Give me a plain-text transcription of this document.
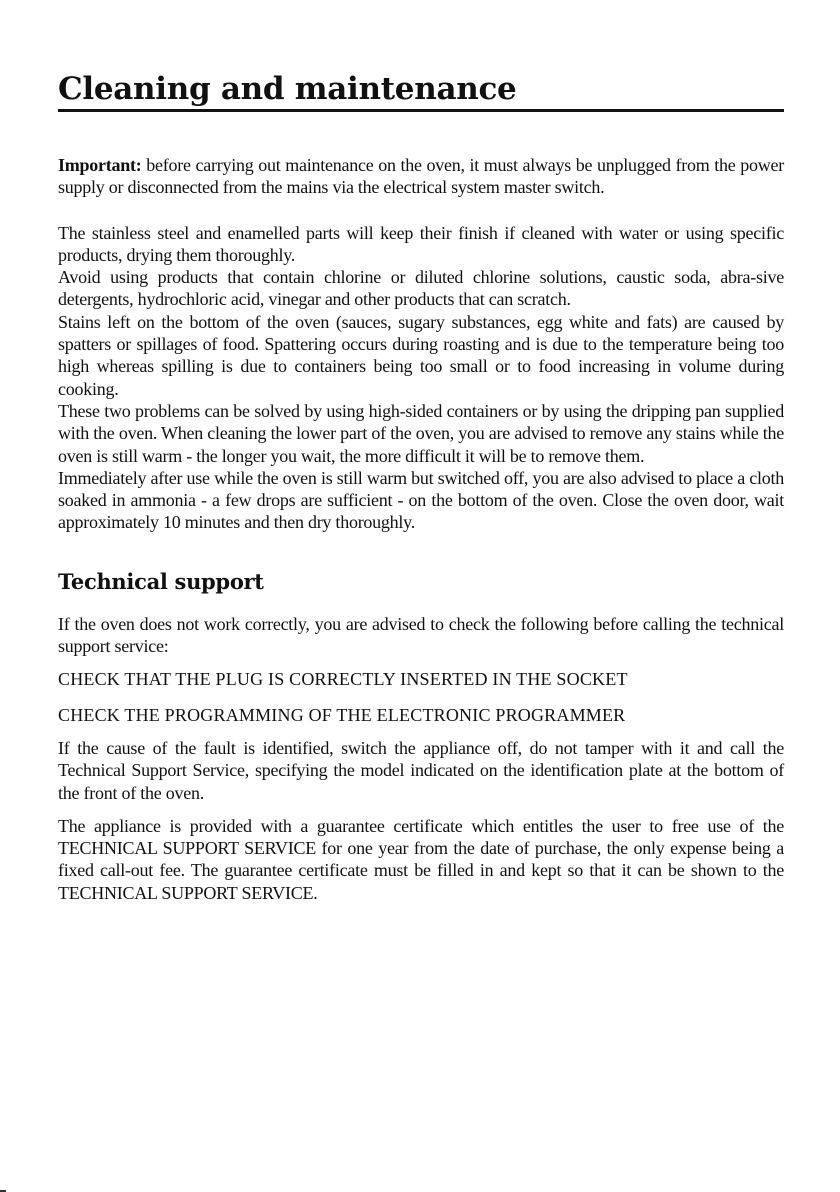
Cleaning and maintenance

Important: before carrying out maintenance on the oven, it must always be unplugged from the power supply or disconnected from the mains via the electrical system master switch.

The stainless steel and enamelled parts will keep their finish if cleaned with water or using specific products, drying them thoroughly.

Avoid using products that contain chlorine or diluted chlorine solutions, caustic soda, abra-sive detergents, hydrochloric acid, vinegar and other products that can scratch.

Stains left on the bottom of the oven (sauces, sugary substances, egg white and fats) are caused by spatters or spillages of food. Spattering occurs during roasting and is due to the temperature being too high whereas spilling is due to containers being too small or to food increasing in volume during cooking.

These two problems can be solved by using high-sided containers or by using the dripping pan supplied with the oven. When cleaning the lower part of the oven, you are advised to remove any stains while the oven is still warm - the longer you wait, the more difficult it will be to remove them.

Immediately after use while the oven is still warm but switched off, you are also advised to place a cloth soaked in ammonia - a few drops are sufficient - on the bottom of the oven. Close the oven door, wait approximately 10 minutes and then dry thoroughly.

Technical support

If the oven does not work correctly, you are advised to check the following before calling the technical support service:

CHECK THAT THE PLUG IS CORRECTLY INSERTED IN THE SOCKET

CHECK THE PROGRAMMING OF THE ELECTRONIC PROGRAMMER

If the cause of the fault is identified, switch the appliance off, do not tamper with it and call the Technical Support Service, specifying the model indicated on the identification plate at the bottom of the front of the oven.

The appliance is provided with a guarantee certificate which entitles the user to free use of the TECHNICAL SUPPORT SERVICE for one year from the date of purchase, the only expense being a fixed call-out fee. The guarantee certificate must be filled in and kept so that it can be shown to the TECHNICAL SUPPORT SERVICE.
